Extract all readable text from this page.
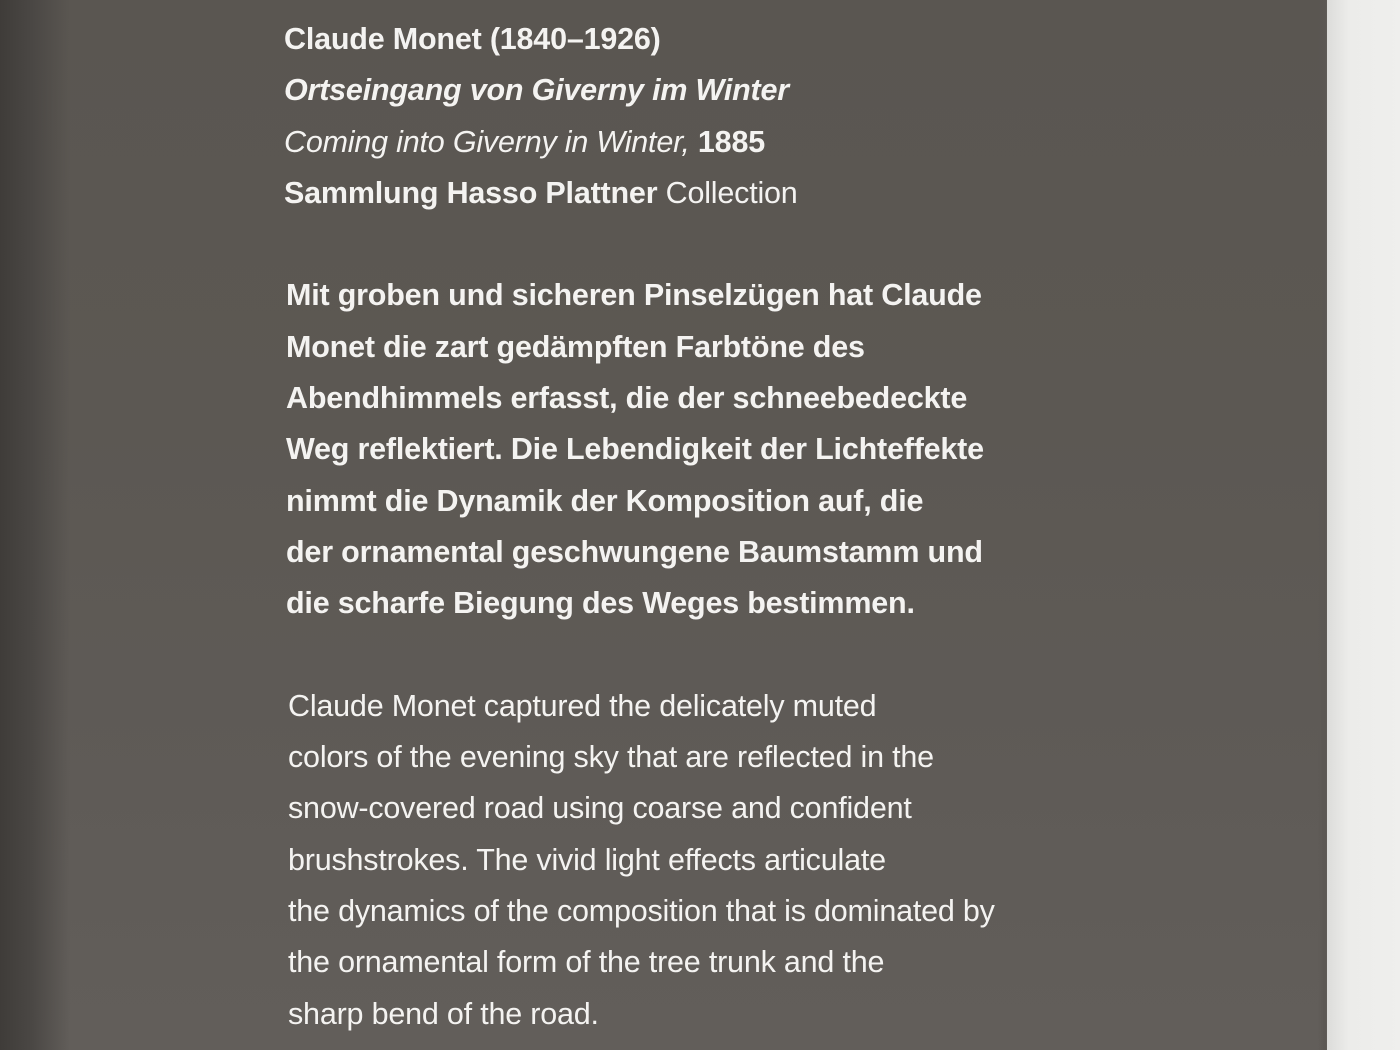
Claude Monet (1840–1926)
Ortseingang von Giverny im Winter
Coming into Giverny in Winter, 1885
Sammlung Hasso Plattner Collection
Mit groben und sicheren Pinselzügen hat Claude
Monet die zart gedämpften Farbtöne des
Abendhimmels erfasst, die der schneebedeckte
Weg reflektiert. Die Lebendigkeit der Lichteffekte
nimmt die Dynamik der Komposition auf, die
der ornamental geschwungene Baumstamm und
die scharfe Biegung des Weges bestimmen.
Claude Monet captured the delicately muted
colors of the evening sky that are reflected in the
snow-covered road using coarse and confident
brushstrokes. The vivid light effects articulate
the dynamics of the composition that is dominated by
the ornamental form of the tree trunk and the
sharp bend of the road.
